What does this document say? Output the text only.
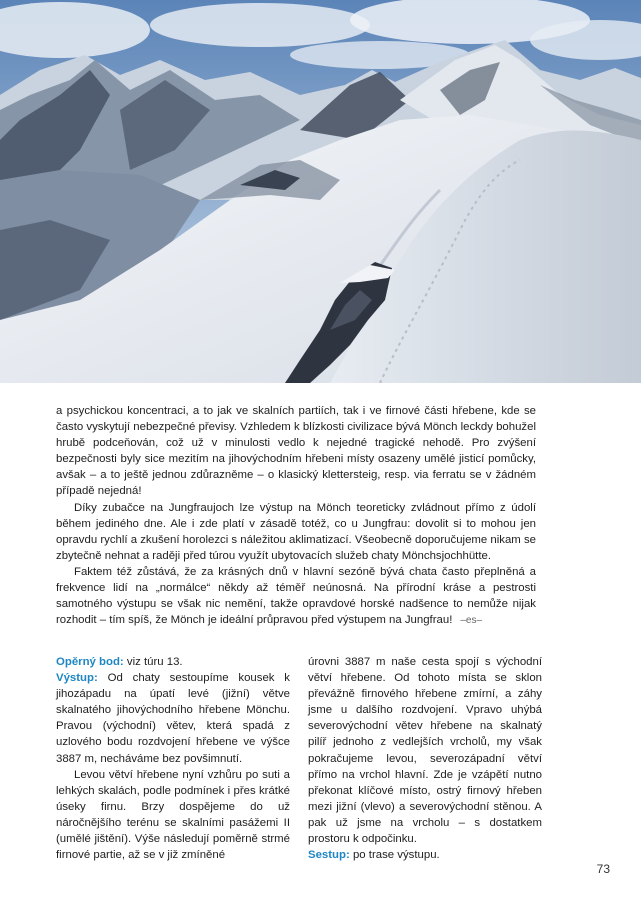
a psychickou koncentraci, a to jak ve skalních partiích, tak i ve firnové části hřebene, kde se často vyskytují nebezpečné převisy. Vzhledem k blízkosti civilizace bývá Mönch leckdy bohužel hrubě podceňován, což už v minulosti vedlo k nejedné tragické nehodě. Pro zvýšení bezpečnosti byly sice mezitím na jihovýchodním hřebeni místy osazeny umělé jisticí pomůcky, avšak – a to ještě jednou zdůrazněme – o klasický klettersteig, resp. via ferratu se v žádném případě nejedná!

Díky zubačce na Jungfraujoch lze výstup na Mönch teoreticky zvládnout přímo z údolí během jediného dne. Ale i zde platí v zásadě totéž, co u Jungfrau: dovolit si to mohou jen opravdu rychlí a zkušení horolezci s náležitou aklimatizací. Všeobecně doporučujeme nikam se zbytečně nehnat a raději před túrou využít ubytovacích služeb chaty Mönchsjochhütte.

Faktem též zůstává, že za krásných dnů v hlavní sezóně bývá chata často přeplněná a frekvence lidí na „normálce“ někdy až téměř neúnosná. Na přírodní kráse a pestrosti samotného výstupu se však nic nemění, takže opravdové horské nadšence to nemůže nijak rozhodit – tím spíš, že Mönch je ideální průpravou před výstupem na Jungfrau! –es–

Opěrný bod: viz túru 13.

Výstup: Od chaty sestoupíme kousek k jihozápadu na úpatí levé (jižní) větve skalnatého jihovýchodního hřebene Mönchu. Pravou (východní) větev, která spadá z uzlového bodu rozdvojení hřebene ve výšce 3887 m, necháváme bez povšimnutí.

Levou větví hřebene nyní vzhůru po suti a lehkých skalách, podle podmínek i přes krátké úseky firnu. Brzy dospějeme do už náročnějšího terénu se skalními pasážemi II (umělé jištění). Výše následují poměrně strmé firnové partie, až se v již zmíněné

úrovni 3887 m naše cesta spojí s východní větví hřebene. Od tohoto místa se sklon převážně firnového hřebene zmírní, a záhy jsme u dalšího rozdvojení. Vpravo uhýbá severovýchodní větev hřebene na skalnatý pilíř jednoho z vedlejších vrcholů, my však pokračujeme levou, severozápadní větví přímo na vrchol hlavní. Zde je vzápětí nutno překonat klíčové místo, ostrý firnový hřeben mezi jižní (vlevo) a severovýchodní stěnou. A pak už jsme na vrcholu – s dostatkem prostoru k odpočinku.

Sestup: po trase výstupu.

73
